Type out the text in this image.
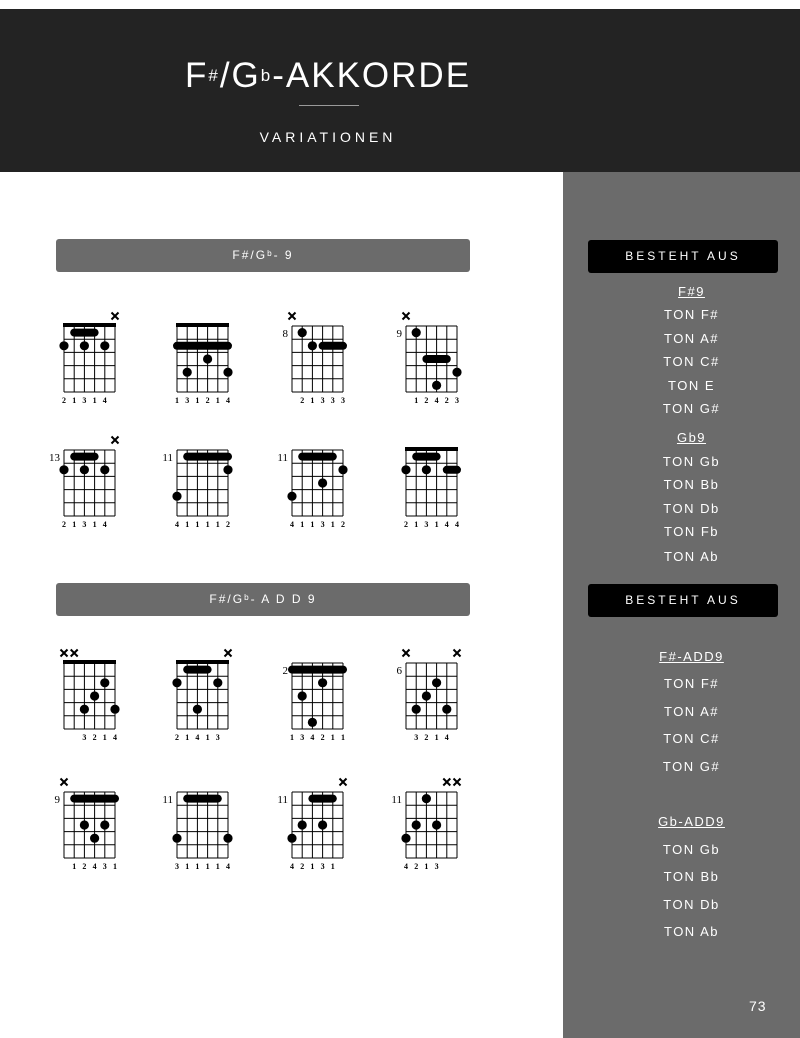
$F^{\#}/G^b$-AKKORDE
VARIATIONEN
F#/Gᵇ- 9
F#/Gᵇ- A D D 9
2 1 3 1 4	1 3 1 2 1 4
8
2 1 3 3 3
9
1 2 4 2 3
13
2 1 3 1 4
11
4 1 1 1 1 2
11
4 1 1 3 1 2	2 1 3 1 4 4
3 2 1 4	2 1 4 1 3
2
1 3 4 2 1 1
6
3 2 1 4
9
1 2 4 3 1
11
3 1 1 1 1 4
11
4 2 1 3 1
11
4 2 1 3
BESTEHT AUS
F#9
TON F#
TON A#
TON C#
TON E
TON G#
Gb9
TON Gb
TON Bb
TON Db
TON Fb
TON Ab
BESTEHT AUS
F#-ADD9
TON F#
TON A#
TON C#
TON G#
Gb-ADD9
TON Gb
TON Bb
TON Db
TON Ab
73
